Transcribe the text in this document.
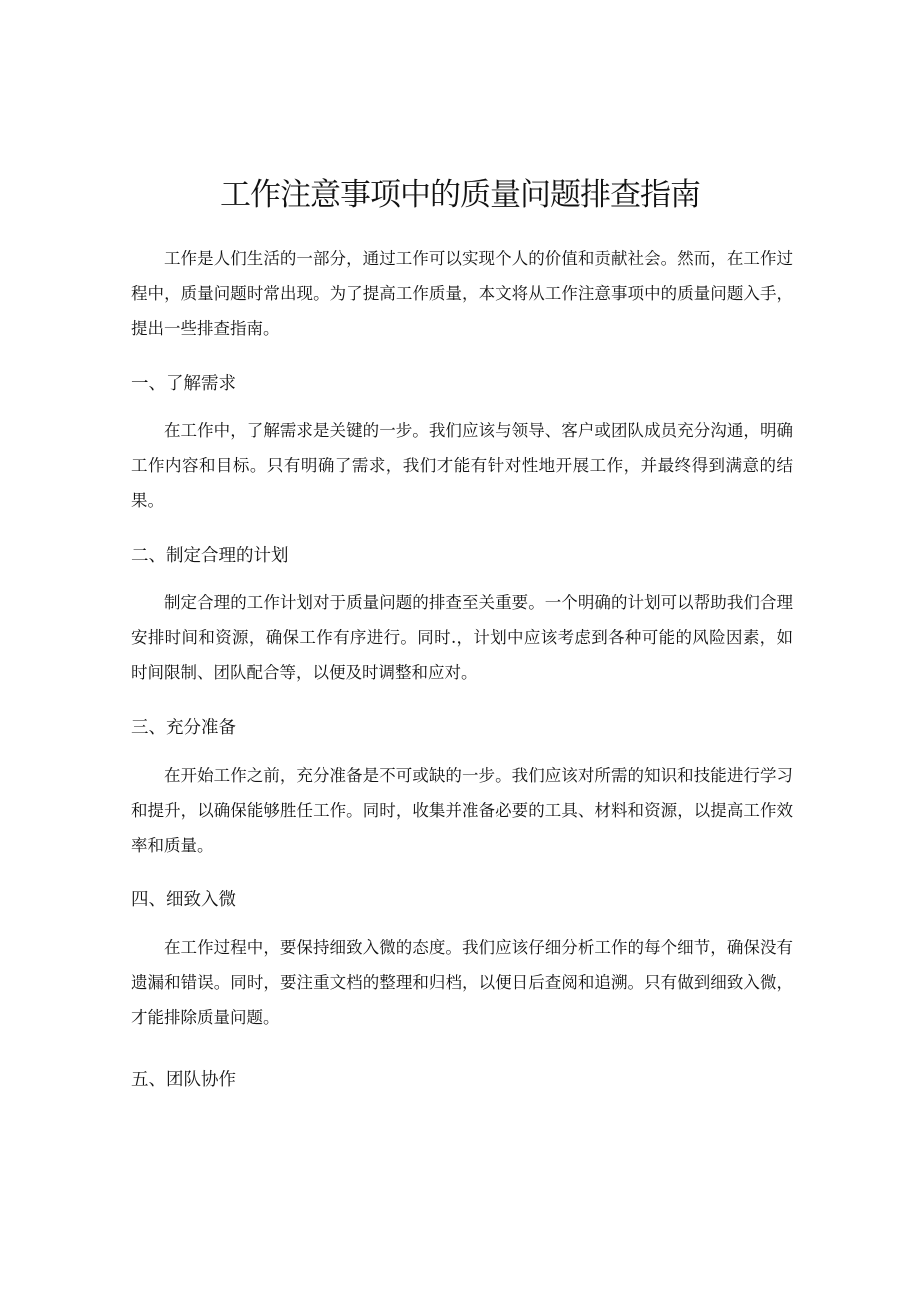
工作注意事项中的质量问题排查指南

工作是人们生活的一部分，通过工作可以实现个人的价值和贡献社会。然而，在工作过程中，质量问题时常出现。为了提高工作质量，本文将从工作注意事项中的质量问题入手，提出一些排查指南。

一、了解需求

在工作中，了解需求是关键的一步。我们应该与领导、客户或团队成员充分沟通，明确工作内容和目标。只有明确了需求，我们才能有针对性地开展工作，并最终得到满意的结果。

二、制定合理的计划

制定合理的工作计划对于质量问题的排查至关重要。一个明确的计划可以帮助我们合理安排时间和资源，确保工作有序进行。同时.，计划中应该考虑到各种可能的风险因素，如时间限制、团队配合等，以便及时调整和应对。

三、充分准备

在开始工作之前，充分准备是不可或缺的一步。我们应该对所需的知识和技能进行学习和提升，以确保能够胜任工作。同时，收集并准备必要的工具、材料和资源，以提高工作效率和质量。

四、细致入微

在工作过程中，要保持细致入微的态度。我们应该仔细分析工作的每个细节，确保没有遗漏和错误。同时，要注重文档的整理和归档，以便日后查阅和追溯。只有做到细致入微，才能排除质量问题。

五、团队协作
